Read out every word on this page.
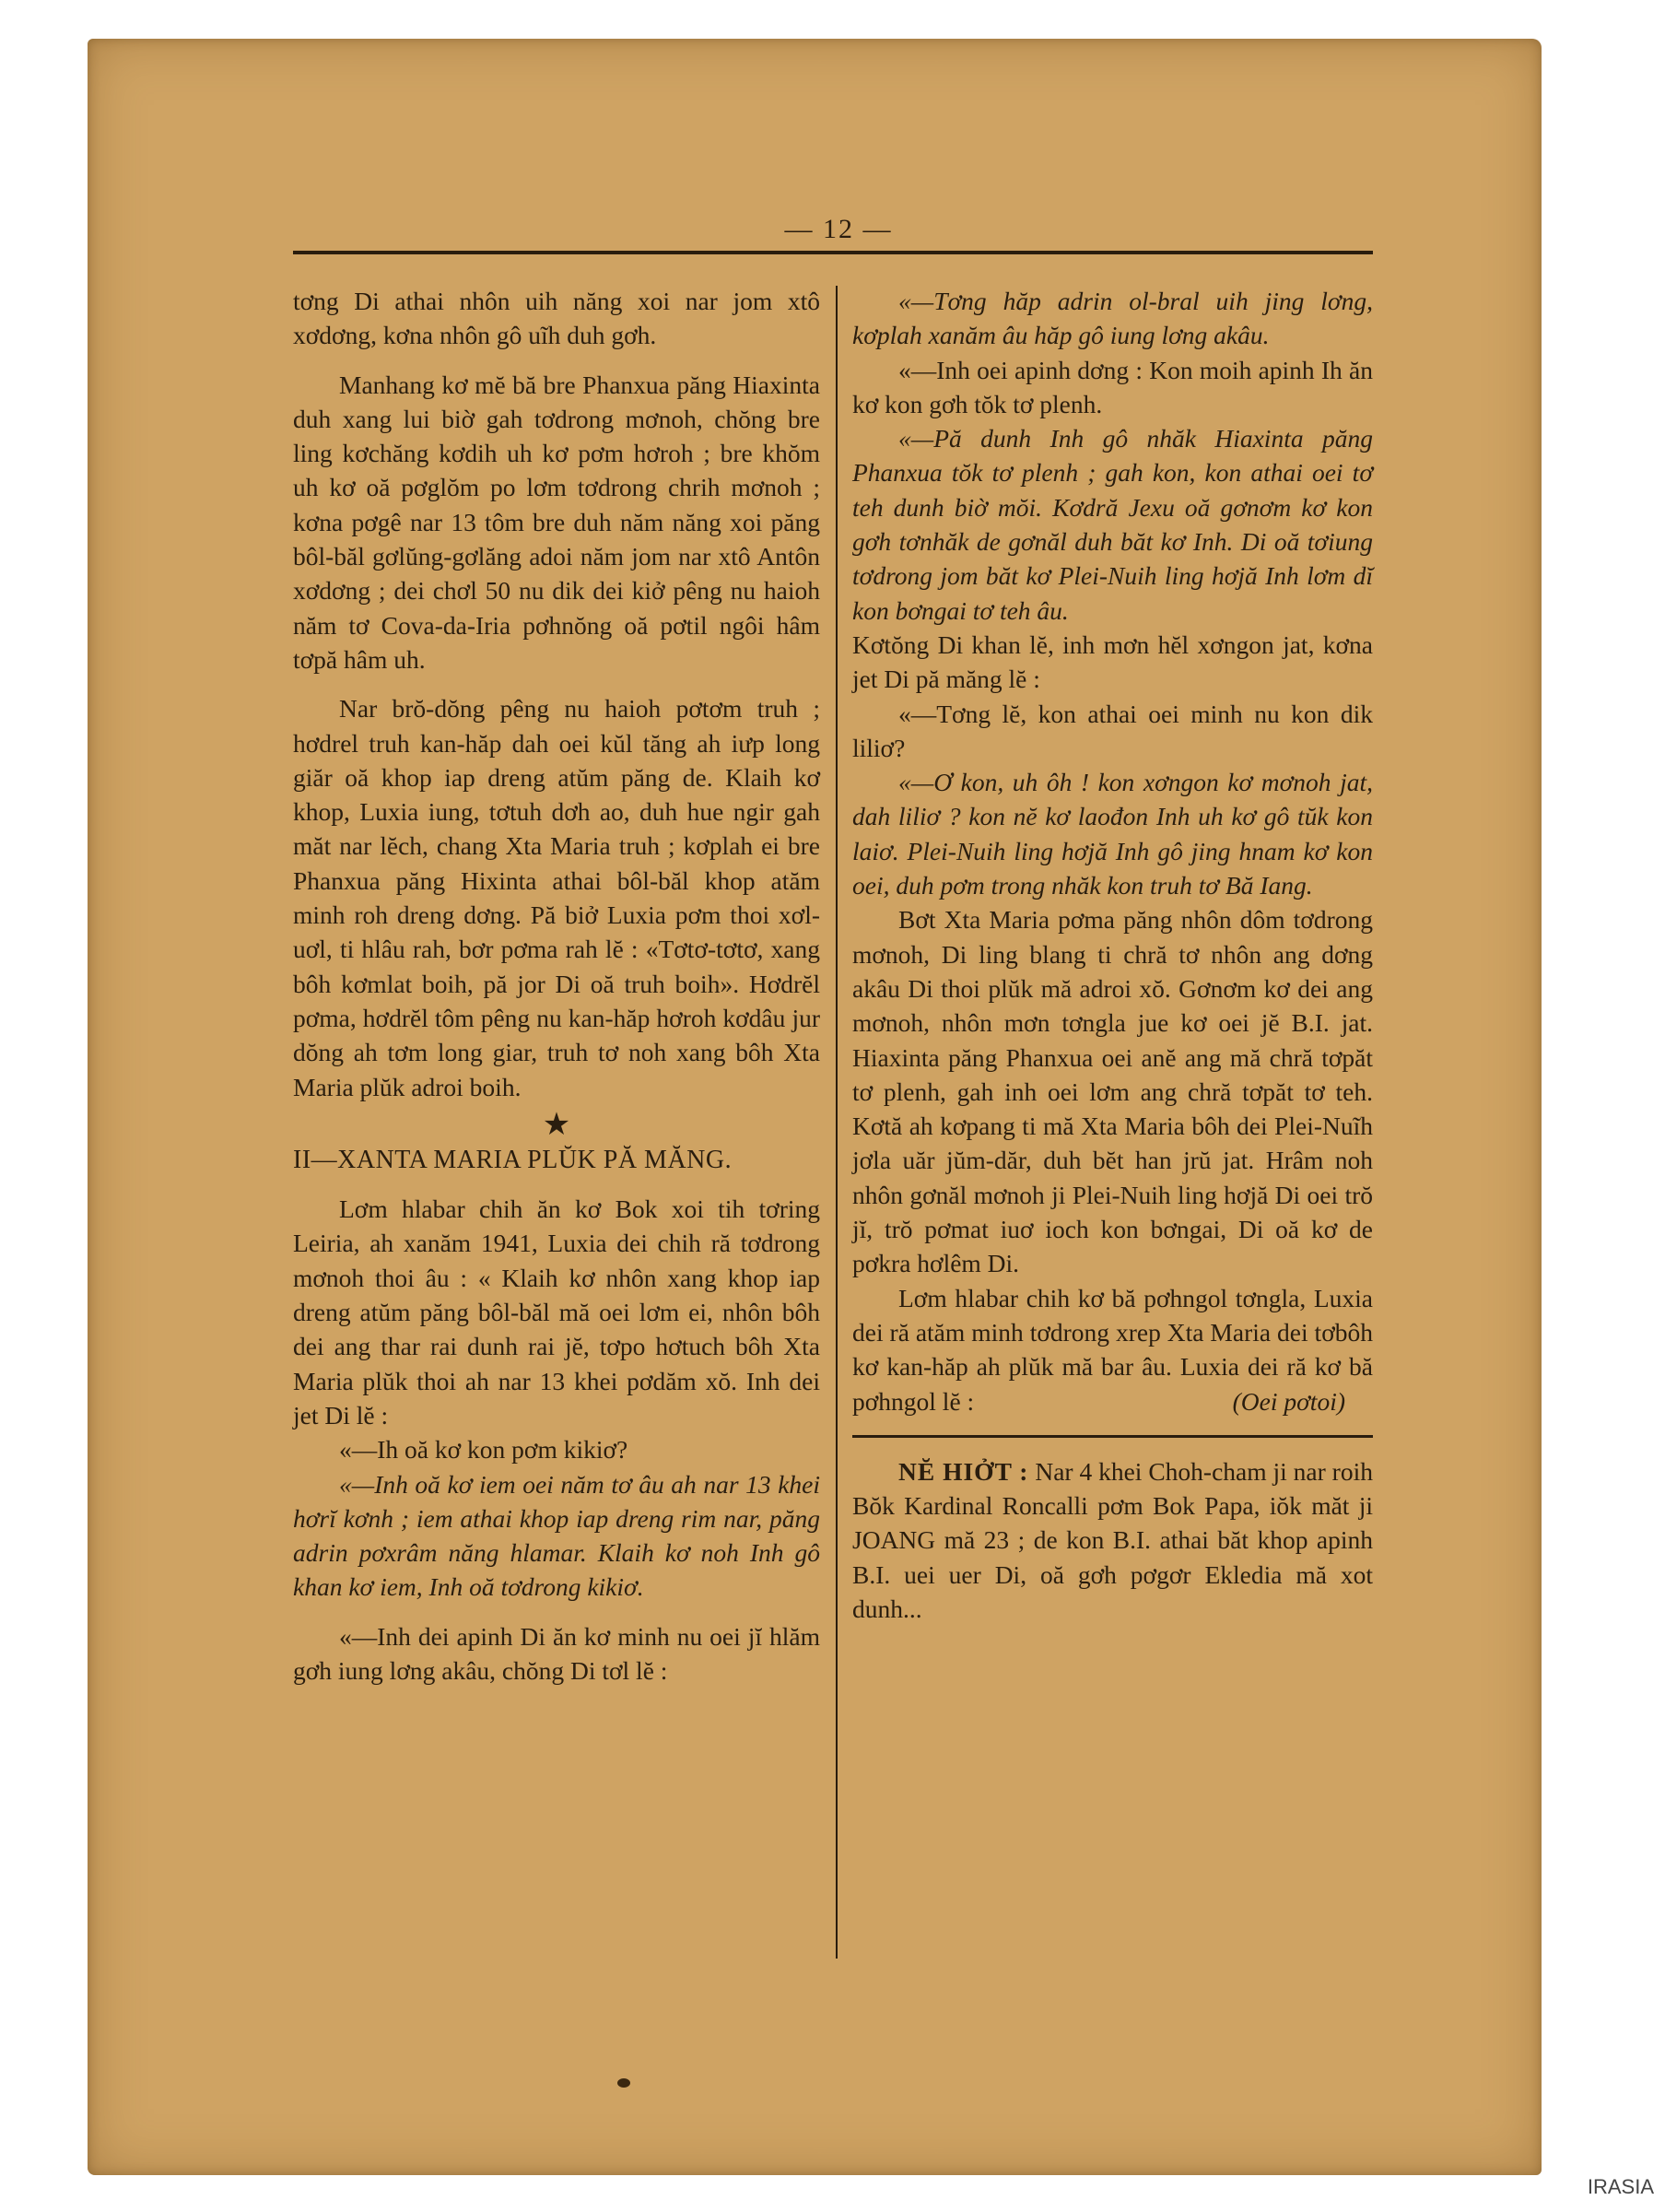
— 12 —

tơng Di athai nhôn uih năng xoi nar jom xtô xơdơng, kơna nhôn gô uĩh duh gơh.

Manhang kơ mĕ bă bre Phanxua păng Hiaxinta duh xang lui biờ gah tơdrong mơnoh, chŏng bre ling kơchăng kơdih uh kơ pơm hơroh ; bre khŏm uh kơ oă pơglŏm po lơm tơdrong chrih mơnoh ; kơna pơgê nar 13 tôm bre duh năm năng xoi păng bôl-băl gơlŭng-gơlăng adoi năm jom nar xtô Antôn xơdơng ; dei chơl 50 nu dik dei kiở pêng nu haioh năm tơ Cova-da-Iria pơhnŏng oă pơtil ngôi hâm tơpă hâm uh.

Nar brŏ-dŏng pêng nu haioh pơtơm truh ; hơdrel truh kan-hăp dah oei kŭl tăng ah iưp long giăr oă khop iap dreng atŭm păng de. Klaih kơ khop, Luxia iung, tơtuh dơh ao, duh hue ngir gah măt nar lĕch, chang Xta Maria truh ; kơplah ei bre Phanxua păng Hixinta athai bôl-băl khop atăm minh roh dreng dơng. Pă biở Luxia pơm thoi xơl-uơl, ti hlâu rah, bơr pơma rah lĕ : «Tơtơ-tơtơ, xang bôh kơmlat boih, pă jor Di oă truh boih». Hơdrĕl pơma, hơdrĕl tôm pêng nu kan-hăp hơroh kơdâu jur dŏng ah tơm long giar, truh tơ noh xang bôh Xta Maria plŭk adroi boih.

★

II—XANTA MARIA PLŬK PĂ MĂNG.

Lơm hlabar chih ăn kơ Bok xoi tih tơring Leiria, ah xanăm 1941, Luxia dei chih ră tơdrong mơnoh thoi âu : « Klaih kơ nhôn xang khop iap dreng atŭm păng bôl-băl mă oei lơm ei, nhôn bôh dei ang thar rai dunh rai jĕ, tơpo hơtuch bôh Xta Maria plŭk thoi ah nar 13 khei pơdăm xŏ. Inh dei jet Di lĕ :

«—Ih oă kơ kon pơm kikiơ?

«—Inh oă kơ iem oei năm tơ âu ah nar 13 khei hơrĭ kơnh ; iem athai khop iap dreng rim nar, păng adrin pơxrâm năng hlamar. Klaih kơ noh Inh gô khan kơ iem, Inh oă tơdrong kikiơ.

«—Inh dei apinh Di ăn kơ minh nu oei jĭ hlăm gơh iung lơng akâu, chŏng Di tơl lĕ :

«—Tơng hăp adrin ol-bral uih jing lơng, kơplah xanăm âu hăp gô iung lơng akâu.

«—Inh oei apinh dơng : Kon moih apinh Ih ăn kơ kon gơh tŏk tơ plenh.

«—Pă dunh Inh gô nhăk Hiaxinta păng Phanxua tŏk tơ plenh ; gah kon, kon athai oei tơ teh dunh biờ mŏi. Kơdră Jexu oă gơnơm kơ kon gơh tơnhăk de gơnăl duh băt kơ Inh. Di oă tơiung tơdrong jom băt kơ Plei-Nuih ling hơjă Inh lơm dĭ kon bơngai tơ teh âu.

Kơtŏng Di khan lĕ, inh mơn hĕl xơngon jat, kơna jet Di pă măng lĕ :

«—Tơng lĕ, kon athai oei minh nu kon dik liliơ?

«—Ơ kon, uh ôh ! kon xơngon kơ mơnoh jat, dah liliơ ? kon nĕ kơ laođon Inh uh kơ gô tŭk kon laiơ. Plei-Nuih ling hơjă Inh gô jing hnam kơ kon oei, duh pơm trong nhăk kon truh tơ Bă Iang.

Bơt Xta Maria pơma păng nhôn dôm tơdrong mơnoh, Di ling blang ti chră tơ nhôn ang dơng akâu Di thoi plŭk mă adroi xŏ. Gơnơm kơ dei ang mơnoh, nhôn mơn tơngla jue kơ oei jĕ B.I. jat. Hiaxinta păng Phanxua oei anĕ ang mă chră tơpăt tơ plenh, gah inh oei lơm ang chră tơpăt tơ teh. Kơtă ah kơpang ti mă Xta Maria bôh dei Plei-Nuĩh jơla uăr jŭm-dăr, duh bĕt han jrŭ jat. Hrâm noh nhôn gơnăl mơnoh ji Plei-Nuih ling hơjă Di oei trŏ jĭ, trŏ pơmat iuơ ioch kon bơngai, Di oă kơ de pơkra hơlêm Di.

Lơm hlabar chih kơ bă pơhngol tơngla, Luxia dei ră atăm minh tơdrong xrep Xta Maria dei tơbôh kơ kan-hăp ah plŭk mă bar âu. Luxia dei ră kơ bă pơhngol lĕ :	(Oei pơtoi)

NĔ HIỞT : Nar 4 khei Choh-cham ji nar roih Bŏk Kardinal Roncalli pơm Bok Papa, iŏk măt ji JOANG mă 23 ; de kon B.I. athai băt khop apinh B.I. uei uer Di, oă gơh pơgơr Ekledia mă xot dunh...

IRASIA
